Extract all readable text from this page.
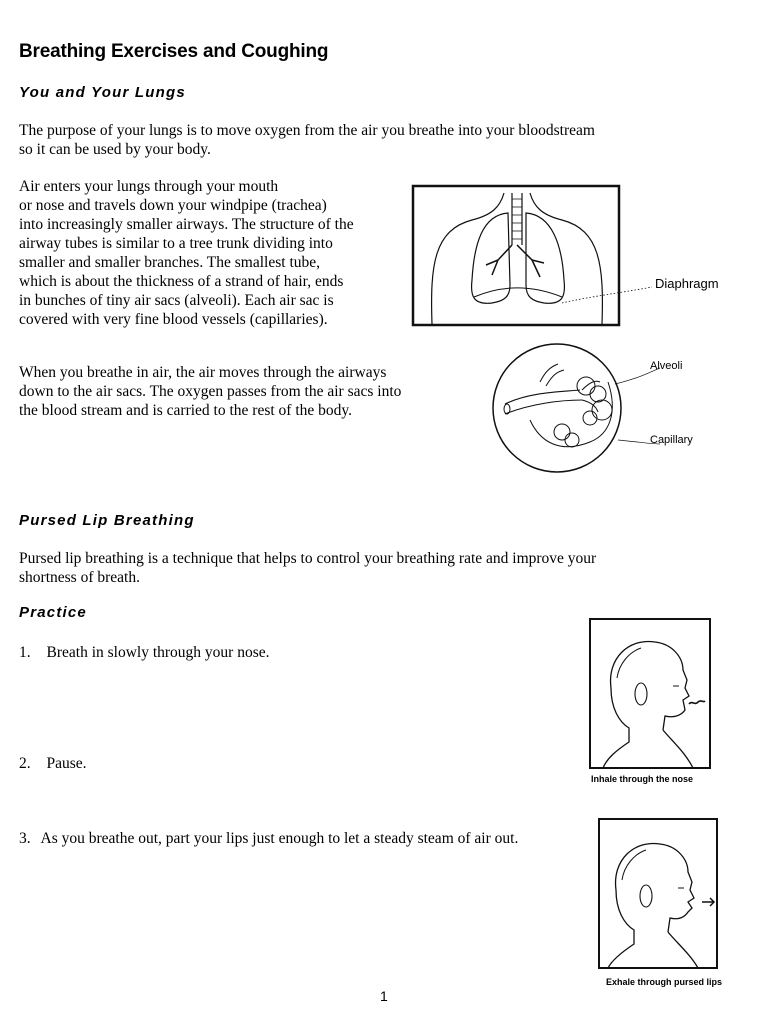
Breathing Exercises and Coughing
You and Your Lungs
The purpose of your lungs is to move oxygen from the air you breathe into your bloodstream
so it can be used by your body.
Air enters your lungs through your mouth
or nose and travels down your windpipe (trachea)
into increasingly smaller airways. The structure of the
airway tubes is similar to a tree trunk dividing into
smaller and smaller branches. The smallest tube,
which is about the thickness of a strand of hair, ends
in bunches of tiny air sacs (alveoli). Each air sac is
covered with very fine blood vessels (capillaries).
Diaphragm
When you breathe in air, the air moves through the airways
down to the air sacs. The oxygen passes from the air sacs into
the blood stream and is carried to the rest of the body.
Alveoli
Capillary
Pursed Lip Breathing
Pursed lip breathing is a technique that helps to control your breathing rate and improve your
shortness of breath.
Practice
1. Breath in slowly through your nose.
2. Pause.
3. As you breathe out, part your lips just enough to let a steady steam of air out.
Inhale through the nose
Exhale through pursed lips
1
